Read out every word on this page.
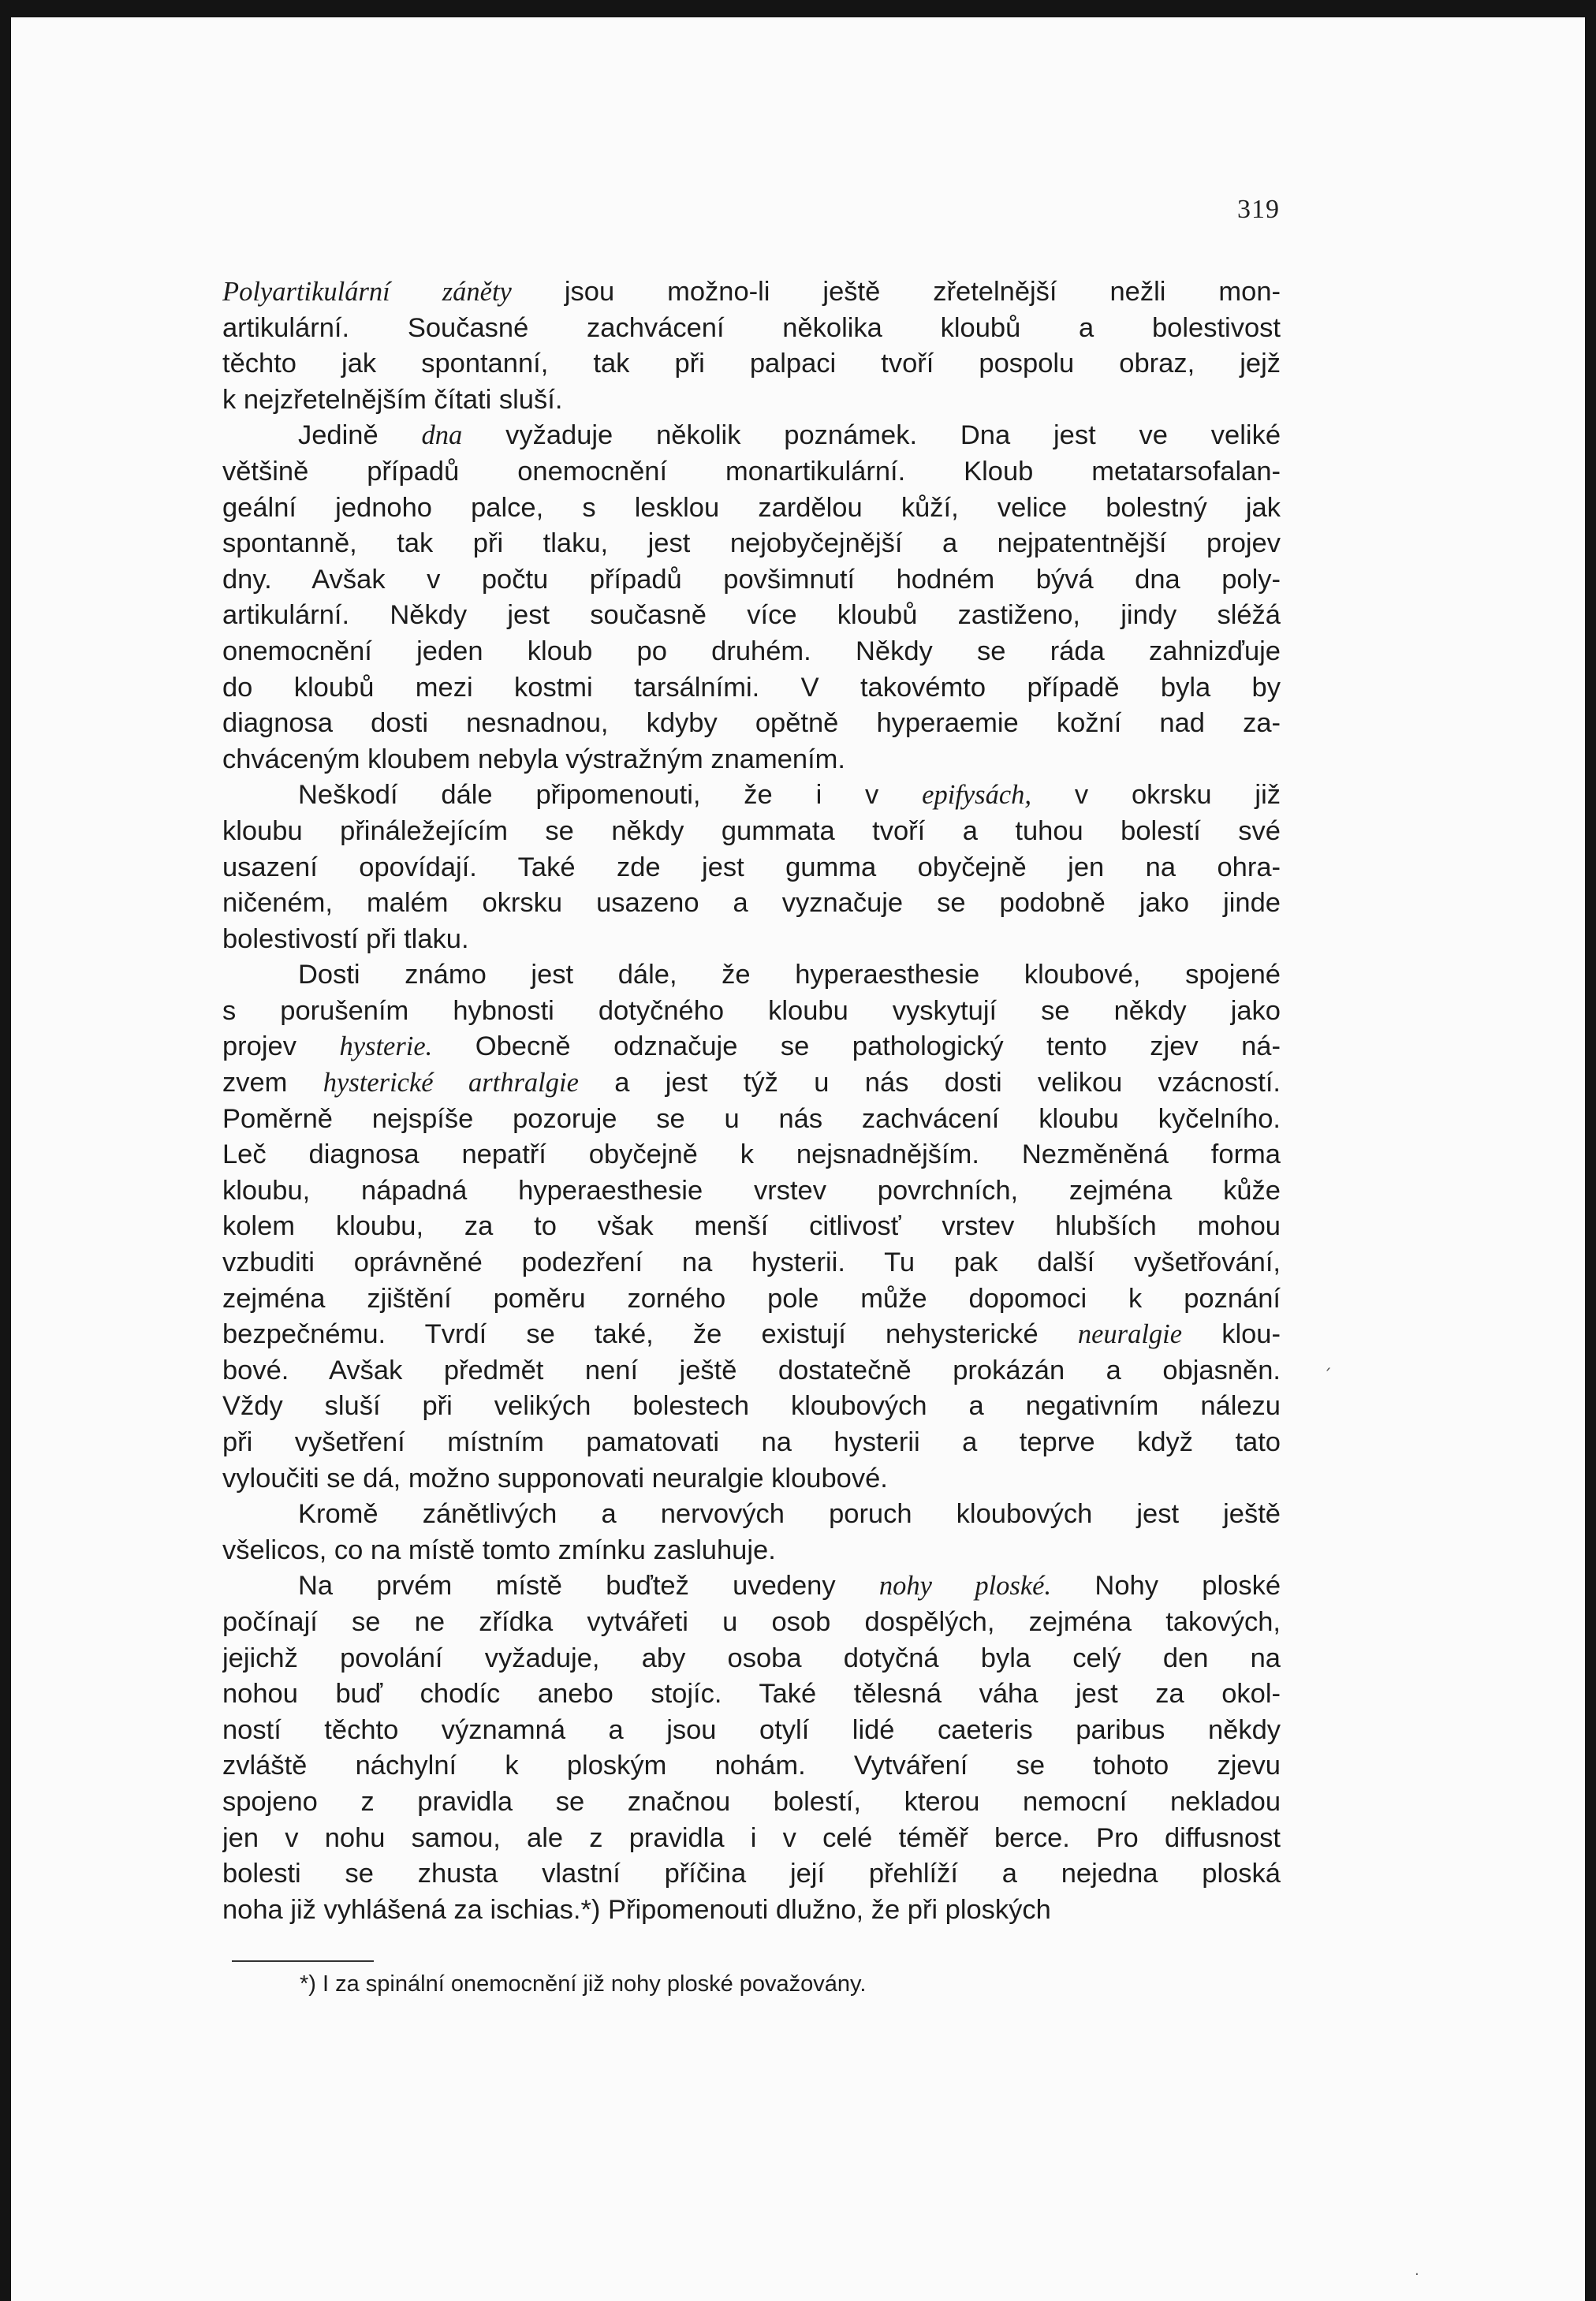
319
Polyartikulární záněty jsou možno-li ještě zřetelnější nežli mon-
artikulární. Současné zachvácení několika kloubů a bolestivost
těchto jak spontanní, tak při palpaci tvoří pospolu obraz, jejž
k nejzřetelnějším čítati sluší.
Jedině dna vyžaduje několik poznámek. Dna jest ve veliké
většině případů onemocnění monartikulární. Kloub metatarsofalan-
geální jednoho palce, s lesklou zardělou kůží, velice bolestný jak
spontanně, tak při tlaku, jest nejobyčejnější a nejpatentnější projev
dny. Avšak v počtu případů povšimnutí hodném bývá dna poly-
artikulární. Někdy jest současně více kloubů zastiženo, jindy sléžá
onemocnění jeden kloub po druhém. Někdy se ráda zahnizďuje
do kloubů mezi kostmi tarsálními. V takovémto případě byla by
diagnosa dosti nesnadnou, kdyby opětně hyperaemie kožní nad za-
chváceným kloubem nebyla výstražným znamením.
Neškodí dále připomenouti, že i v epifysách, v okrsku již
kloubu přináležejícím se někdy gummata tvoří a tuhou bolestí své
usazení opovídají. Také zde jest gumma obyčejně jen na ohra-
ničeném, malém okrsku usazeno a vyznačuje se podobně jako jinde
bolestivostí při tlaku.
Dosti známo jest dále, že hyperaesthesie kloubové, spojené
s porušením hybnosti dotyčného kloubu vyskytují se někdy jako
projev hysterie. Obecně odznačuje se pathologický tento zjev ná-
zvem hysterické arthralgie a jest týž u nás dosti velikou vzácností.
Poměrně nejspíše pozoruje se u nás zachvácení kloubu kyčelního.
Leč diagnosa nepatří obyčejně k nejsnadnějším. Nezměněná forma
kloubu, nápadná hyperaesthesie vrstev povrchních, zejména kůže
kolem kloubu, za to však menší citlivosť vrstev hlubších mohou
vzbuditi oprávněné podezření na hysterii. Tu pak další vyšetřování,
zejména zjištění poměru zorného pole může dopomoci k poznání
bezpečnému. Tvrdí se také, že existují nehysterické neuralgie klou-
bové. Avšak předmět není ještě dostatečně prokázán a objasněn.
Vždy sluší při velikých bolestech kloubových a negativním nálezu
při vyšetření místním pamatovati na hysterii a teprve když tato
vyloučiti se dá, možno supponovati neuralgie kloubové.
Kromě zánětlivých a nervových poruch kloubových jest ještě
všelicos, co na místě tomto zmínku zasluhuje.
Na prvém místě buďtež uvedeny nohy ploské. Nohy ploské
počínají se ne zřídka vytvářeti u osob dospělých, zejména takových,
jejichž povolání vyžaduje, aby osoba dotyčná byla celý den na
nohou buď chodíc anebo stojíc. Také tělesná váha jest za okol-
ností těchto významná a jsou otylí lidé caeteris paribus někdy
zvláště náchylní k ploským nohám. Vytváření se tohoto zjevu
spojeno z pravidla se značnou bolestí, kterou nemocní nekladou
jen v nohu samou, ale z pravidla i v celé téměř berce. Pro diffusnost
bolesti se zhusta vlastní příčina její přehlíží a nejedna ploská
noha již vyhlášená za ischias.*) Připomenouti dlužno, že při ploských
*) I za spinální onemocnění již nohy ploské považovány.
ˏ
·
